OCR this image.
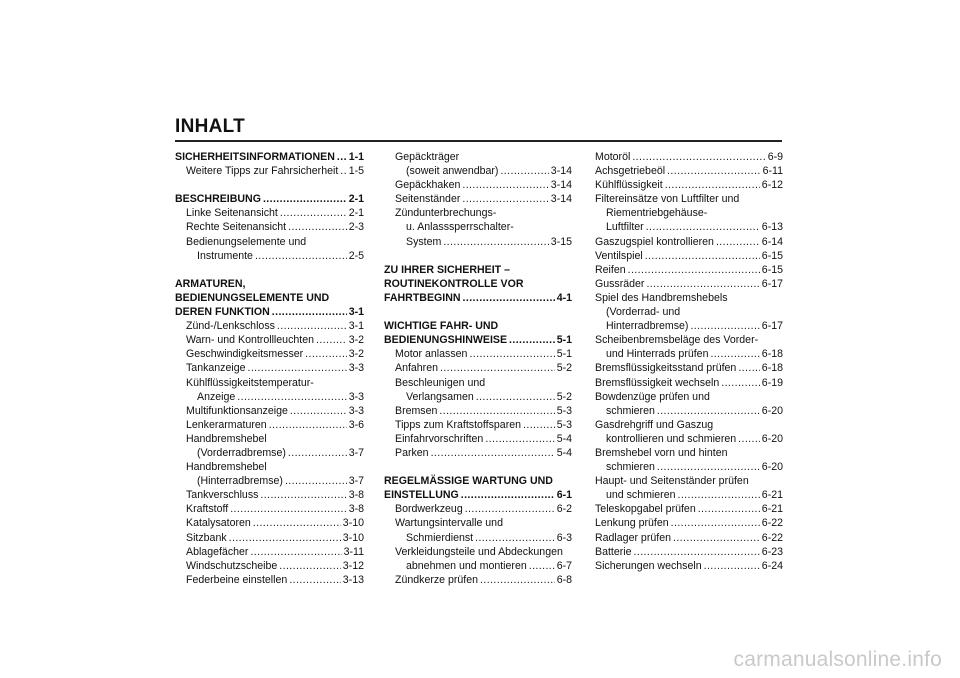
INHALT
SICHERHEITSINFORMATIONEN ..... 1-1
Weitere Tipps zur Fahrsicherheit ..... 1-5
BESCHREIBUNG .....	2-1
Linke Seitenansicht .....	2-1
Rechte Seitenansicht .....	2-3
Bedienungselemente und
Instrumente .....	2-5
ARMATUREN,
BEDIENUNGSELEMENTE UND
DEREN FUNKTION .....	3-1
Zünd-/Lenkschloss .....	3-1
Warn- und Kontrollleuchten .....	3-2
Geschwindigkeitsmesser .....	3-2
Tankanzeige .....	3-3
Kühlflüssigkeitstemperatur-
Anzeige .....	3-3
Multifunktionsanzeige .....	3-3
Lenkerarmaturen .....	3-6
Handbremshebel
(Vorderradbremse) .....	3-7
Handbremshebel
(Hinterradbremse) .....	3-7
Tankverschluss .....	3-8
Kraftstoff .....	3-8
Katalysatoren .....	3-10
Sitzbank .....	3-10
Ablagefächer .....	3-11
Windschutzscheibe .....	3-12
Federbeine einstellen .....	3-13
Gepäckträger
(soweit anwendbar) .....	3-14
Gepäckhaken .....	3-14
Seitenständer .....	3-14
Zündunterbrechungs-
u. Anlasssperrschalter-
System .....	3-15
ZU IHRER SICHERHEIT –
ROUTINEKONTROLLE VOR
FAHRTBEGINN .....	4-1
WICHTIGE FAHR- UND
BEDIENUNGSHINWEISE .....	5-1
Motor anlassen .....	5-1
Anfahren .....	5-2
Beschleunigen und
Verlangsamen .....	5-2
Bremsen .....	5-3
Tipps zum Kraftstoffsparen .....	5-3
Einfahrvorschriften .....	5-4
Parken .....	5-4
REGELMÄSSIGE WARTUNG UND
EINSTELLUNG .....	6-1
Bordwerkzeug .....	6-2
Wartungsintervalle und
Schmierdienst .....	6-3
Verkleidungsteile und Abdeckungen
abnehmen und montieren .....	6-7
Zündkerze prüfen .....	6-8
Motoröl .....	6-9
Achsgetriebeöl .....	6-11
Kühlflüssigkeit .....	6-12
Filtereinsätze von Luftfilter und
Riementriebgehäuse-
Luftfilter .....	6-13
Gaszugspiel kontrollieren .....	6-14
Ventilspiel .....	6-15
Reifen .....	6-15
Gussräder .....	6-17
Spiel des Handbremshebels
(Vorderrad- und
Hinterradbremse) .....	6-17
Scheibenbremsbeläge des Vorder-
und Hinterrads prüfen .....	6-18
Bremsflüssigkeitsstand prüfen ..... 6-18
Bremsflüssigkeit wechseln .....	6-19
Bowdenzüge prüfen und
schmieren .....	6-20
Gasdrehgriff und Gaszug
kontrollieren und schmieren ..... 6-20
Bremshebel vorn und hinten
schmieren .....	6-20
Haupt- und Seitenständer prüfen
und schmieren .....	6-21
Teleskopgabel prüfen .....	6-21
Lenkung prüfen .....	6-22
Radlager prüfen .....	6-22
Batterie .....	6-23
Sicherungen wechseln .....	6-24
carmanualsonline.info
